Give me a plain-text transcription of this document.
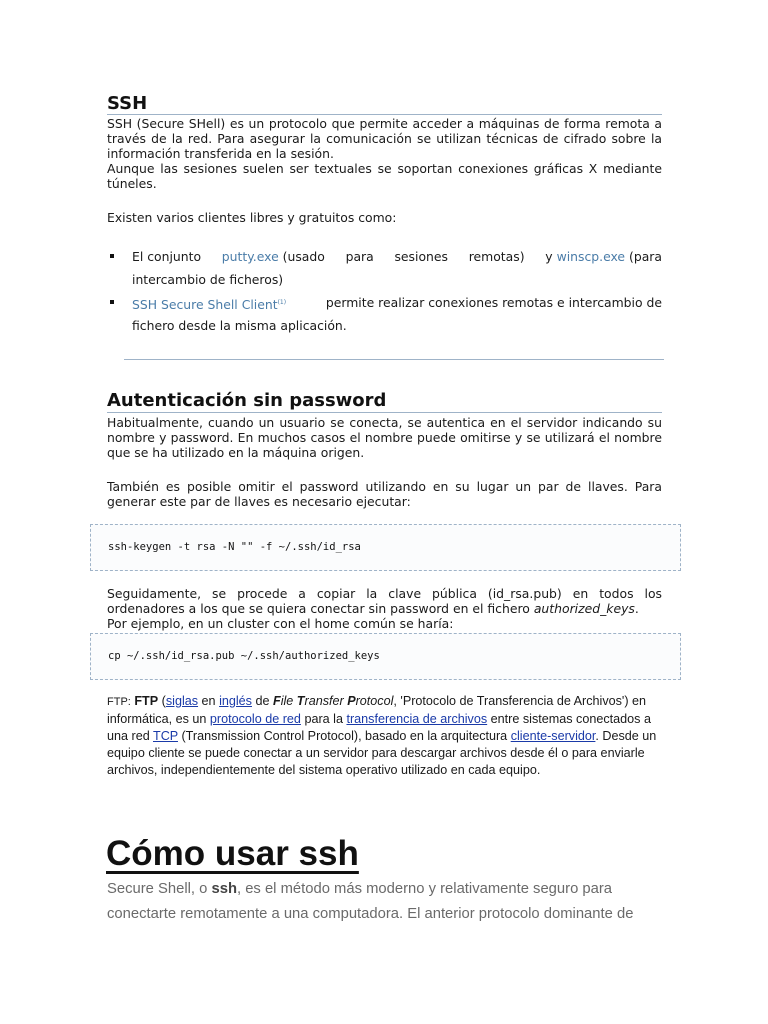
SSH

SSH (Secure SHell) es un protocolo que permite acceder a máquinas de forma remota a través de la red. Para asegurar la comunicación se utilizan técnicas de cifrado sobre la información transferida en la sesión.

Aunque las sesiones suelen ser textuales se soportan conexiones gráficas X mediante túneles.

Existen varios clientes libres y gratuitos como:
El conjunto putty.exe (usado para sesiones remotas) y winscp.exe (para
intercambio de ficheros)
SSH Secure Shell Client$^{(1)}$	permite realizar conexiones remotas e intercambio de
fichero desde la misma aplicación.
Autenticación sin password
Habitualmente, cuando un usuario se conecta, se autentica en el servidor indicando su nombre y password. En muchos casos el nombre puede omitirse y se utilizará el nombre que se ha utilizado en la máquina origen.
También es posible omitir el password utilizando en su lugar un par de llaves. Para generar este par de llaves es necesario ejecutar:
ssh-keygen -t rsa -N "" -f ~/.ssh/id_rsa
Seguidamente, se procede a copiar la clave pública (id_rsa.pub) en todos los ordenadores a los que se quiera conectar sin password en el fichero authorized_keys.
Por ejemplo, en un cluster con el home común se haría:
cp ~/.ssh/id_rsa.pub ~/.ssh/authorized_keys
FTP: FTP (siglas en inglés de File Transfer Protocol, 'Protocolo de Transferencia de Archivos') en informática, es un protocolo de red para la transferencia de archivos entre sistemas conectados a una red TCP (Transmission Control Protocol), basado en la arquitectura cliente-servidor. Desde un equipo cliente se puede conectar a un servidor para descargar archivos desde él o para enviarle archivos, independientemente del sistema operativo utilizado en cada equipo.
Cómo usar ssh
Secure Shell, o ssh, es el método más moderno y relativamente seguro para conectarte remotamente a una computadora. El anterior protocolo dominante de
